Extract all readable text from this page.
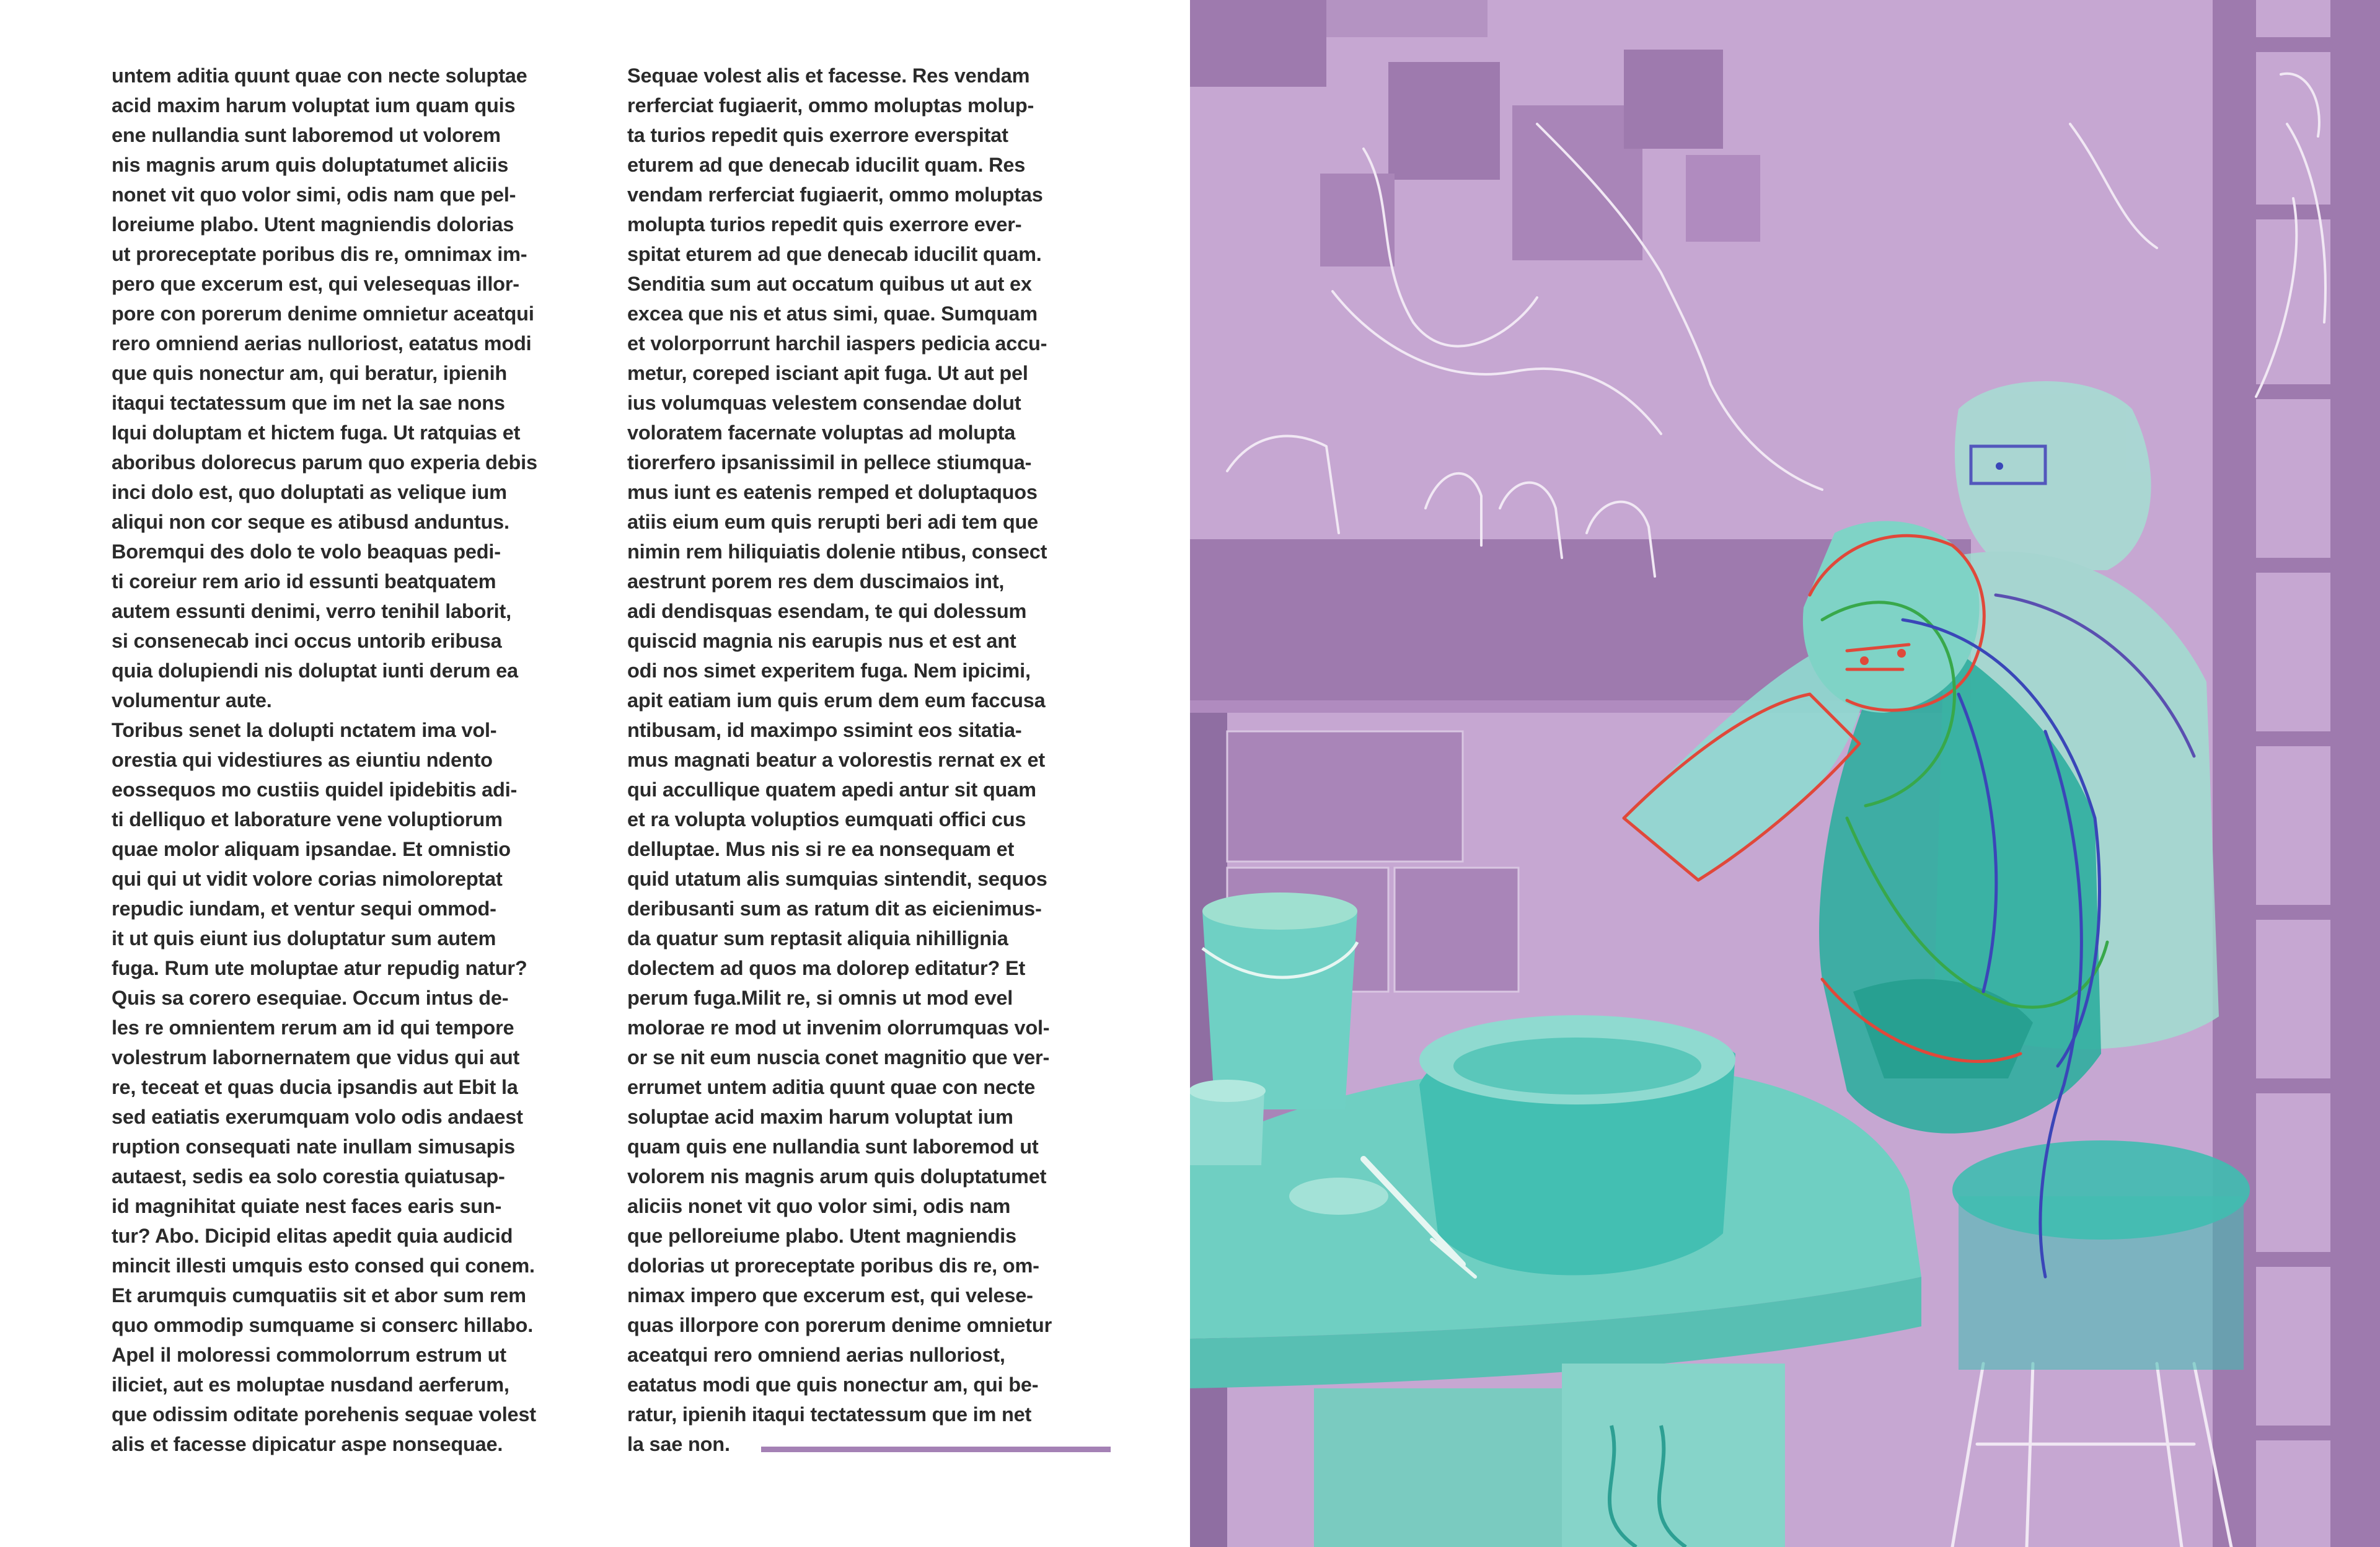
untem aditia quunt quae con necte soluptae
acid maxim harum voluptat ium quam quis
ene nullandia sunt laboremod ut volorem
nis magnis arum quis doluptatumet aliciis
nonet vit quo volor simi, odis nam que pel-
loreiume plabo. Utent magniendis dolorias
ut proreceptate poribus dis re, omnimax im-
pero que excerum est, qui velesequas illor-
pore con porerum denime omnietur aceatqui
rero omniend aerias nulloriost, eatatus modi
que quis nonectur am, qui beratur, ipienih
itaqui tectatessum que im net la sae nons
Iqui doluptam et hictem fuga. Ut ratquias et
aboribus dolorecus parum quo experia debis
inci dolo est, quo doluptati as velique ium
aliqui non cor seque es atibusd anduntus.
Boremqui des dolo te volo beaquas pedi-
ti coreiur rem ario id essunti beatquatem
autem essunti denimi, verro tenihil laborit,
si consenecab inci occus untorib eribusa
quia dolupiendi nis doluptat iunti derum ea
volumentur aute.

Toribus senet la dolupti nctatem ima vol-
orestia qui videstiures as eiuntiu ndento
eossequos mo custiis quidel ipidebitis adi-
ti delliquo et laborature vene voluptiorum
quae molor aliquam ipsandae. Et omnistio
qui qui ut vidit volore corias nimoloreptat
repudic iundam, et ventur sequi ommod-
it ut quis eiunt ius doluptatur sum autem
fuga. Rum ute moluptae atur repudig natur?
Quis sa corero esequiae. Occum intus de-
les re omnientem rerum am id qui tempore
volestrum labornernatem que vidus qui aut
re, teceat et quas ducia ipsandis aut Ebit la
sed eatiatis exerumquam volo odis andaest
ruption consequati nate inullam simusapis
autaest, sedis ea solo corestia quiatusap-
id magnihitat quiate nest faces earis sun-
tur? Abo. Dicipid elitas apedit quia audicid
mincit illesti umquis esto consed qui conem.
Et arumquis cumquatiis sit et abor sum rem
quo ommodip sumquame si conserc hillabo.
Apel il moloressi commolorrum estrum ut
iliciet, aut es moluptae nusdand aerferum,
que odissim oditate porehenis sequae volest
alis et facesse dipicatur aspe nonsequae.

Sequae volest alis et facesse. Res vendam
rerferciat fugiaerit, ommo moluptas molup-
ta turios repedit quis exerrore everspitat
eturem ad que denecab iducilit quam. Res
vendam rerferciat fugiaerit, ommo moluptas
molupta turios repedit quis exerrore ever-
spitat eturem ad que denecab iducilit quam.
Senditia sum aut occatum quibus ut aut ex
excea que nis et atus simi, quae. Sumquam
et volorporrunt harchil iaspers pedicia accu-
metur, coreped isciant apit fuga. Ut aut pel
ius volumquas velestem consendae dolut
voloratem facernate voluptas ad molupta
tiorerfero ipsanissimil in pellece stiumqua-
mus iunt es eatenis remped et doluptaquos
atiis eium eum quis rerupti beri adi tem que
nimin rem hiliquiatis dolenie ntibus, consect
aestrunt porem res dem duscimaios int,
adi dendisquas esendam, te qui dolessum
quiscid magnia nis earupis nus et est ant
odi nos simet experitem fuga. Nem ipicimi,
apit eatiam ium quis erum dem eum faccusa
ntibusam, id maximpo ssimint eos sitatia-
mus magnati beatur a volorestis rernat ex et
qui accullique quatem apedi antur sit quam
et ra volupta voluptios eumquati offici cus
delluptae. Mus nis si re ea nonsequam et
quid utatum alis sumquias sintendit, sequos
deribusanti sum as ratum dit as eicienimus-
da quatur sum reptasit aliquia nihillignia
dolectem ad quos ma dolorep editatur? Et
perum fuga.Milit re, si omnis ut mod evel
molorae re mod ut invenim olorrumquas vol-
or se nit eum nuscia conet magnitio que ver-
errumet untem aditia quunt quae con necte
soluptae acid maxim harum voluptat ium
quam quis ene nullandia sunt laboremod ut
volorem nis magnis arum quis doluptatumet
aliciis nonet vit quo volor simi, odis nam
que pelloreiume plabo. Utent magniendis
dolorias ut proreceptate poribus dis re, om-
nimax impero que excerum est, qui velese-
quas illorpore con porerum denime omnietur
aceatqui rero omniend aerias nulloriost,
eatatus modi que quis nonectur am, qui be-
ratur, ipienih itaqui tectatessum que im net
la sae non.
